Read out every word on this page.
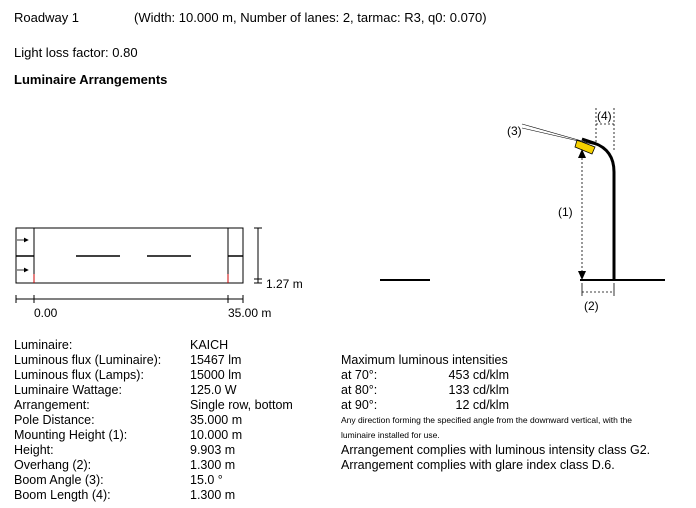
Roadway 1	(Width: 10.000 m, Number of lanes: 2, tarmac: R3, q0: 0.070)
Light loss factor: 0.80
Luminaire Arrangements
1.27 m
0.00	35.00 m
(1)
(2)
(3)
(4)
Luminaire:	KAICH
Luminous flux (Luminaire): 15467 lm
Luminous flux (Lamps):	15000 lm
Luminaire Wattage:	125.0 W
Arrangement:	Single row, bottom
Pole Distance:	35.000 m
Mounting Height (1):	10.000 m
Height:	9.903 m
Overhang (2):	1.300 m
Boom Angle (3):	15.0 °
Boom Length (4):	1.300 m
Maximum luminous intensities
at 70°:	453 cd/klm
at 80°:	133 cd/klm
at 90°:	12 cd/klm
Any direction forming the specified angle from the downward vertical, with the
luminaire installed for use.
Arrangement complies with luminous intensity class G2.
Arrangement complies with glare index class D.6.
